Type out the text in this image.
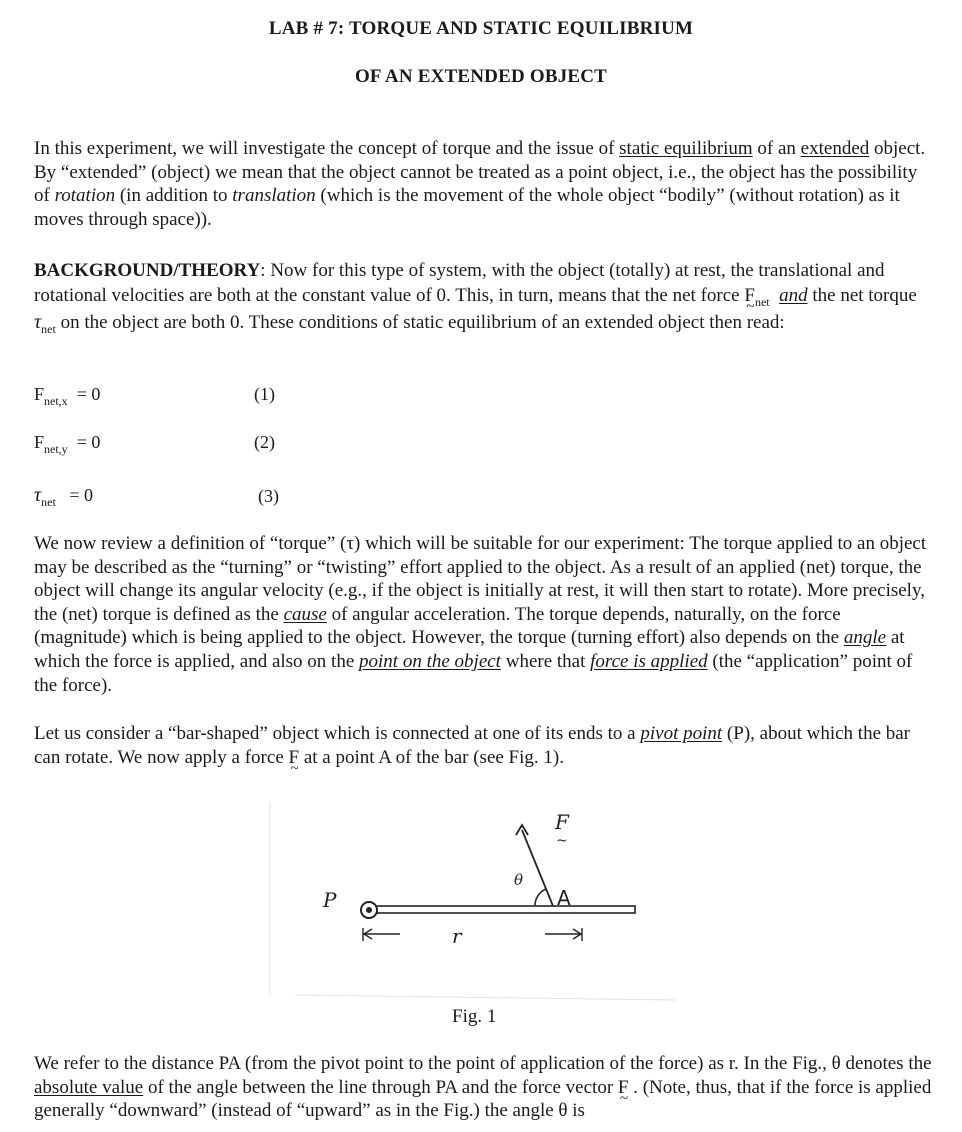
LAB # 7: TORQUE AND STATIC EQUILIBRIUM
OF AN EXTENDED OBJECT

In this experiment, we will investigate the concept of torque and the issue of static equilibrium of an extended object. By “extended” (object) we mean that the object cannot be treated as a point object, i.e., the object has the possibility of rotation (in addition to translation (which is the movement of the whole object “bodily” (without rotation) as it moves through space)).

BACKGROUND/THEORY: Now for this type of system, with the object (totally) at rest, the translational and rotational velocities are both at the constant value of 0. This, in turn, means that the net force F $\sim_{net}$ and the net torque $\tau_{net}$ on the object are both 0. These conditions of static equilibrium of an extended object then read:

$F_{net,x} = 0$	(1)
$F_{net,y} = 0$	(2)
$\tau_{net} = 0$	(3)

We now review a definition of “torque” (τ) which will be suitable for our experiment: The torque applied to an object may be described as the “turning” or “twisting” effort applied to the object. As a result of an applied (net) torque, the object will change its angular velocity (e.g., if the object is initially at rest, it will then start to rotate). More precisely, the (net) torque is defined as the cause of angular acceleration. The torque depends, naturally, on the force (magnitude) which is being applied to the object. However, the torque (turning effort) also depends on the angle at which the force is applied, and also on the point on the object where that force is applied (the “application” point of the force).

Let us consider a “bar-shaped” object which is connected at one of its ends to a pivot point (P), about which the bar can rotate. We now apply a force F ~ at a point A of the bar (see Fig. 1).

P	A
F
~
θ
r
Fig. 1

We refer to the distance PA (from the pivot point to the point of application of the force) as r. In the Fig., θ denotes the absolute value of the angle between the line through PA and the force vector F ~ . (Note, thus, that if the force is applied generally “downward” (instead of “upward” as in the Fig.) the angle θ is
